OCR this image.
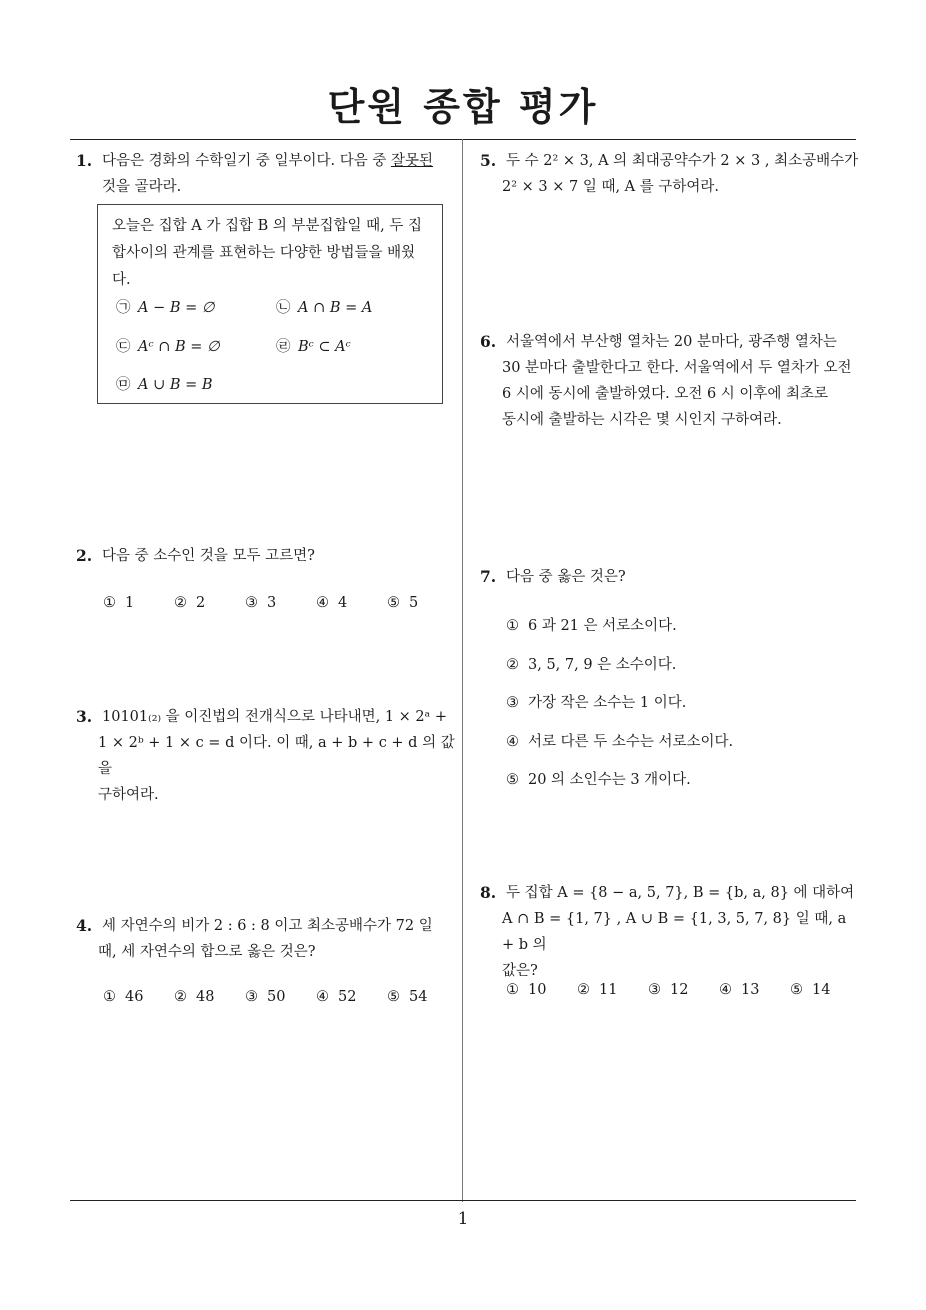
단원 종합 평가
1
1. 다음은 경화의 수학일기 중 일부이다. 다음 중 잘못된

것을 골라라.

오늘은 집합 A 가 집합 B 의 부분집합일 때, 두 집합사이의 관계를 표현하는 다양한 방법들을 배웠다.
㉠ A − B = ∅	㉡ A ∩ B = A
㉢ Aᶜ ∩ B = ∅	㉣ Bᶜ ⊂ Aᶜ
㉤ A ∪ B = B
2. 다음 중 소수인 것을 모두 고르면?

① 1	② 2	③ 3	④ 4	⑤ 5
3. 10101₍₂₎ 을 이진법의 전개식으로 나타내면, 1 × 2ᵃ +

1 × 2ᵇ + 1 × c = d 이다. 이 때, a + b + c + d 의 값을

구하여라.

4. 세 자연수의 비가 2 : 6 : 8 이고 최소공배수가 72 일

때, 세 자연수의 합으로 옳은 것은?

① 46	② 48	③ 50	④ 52	⑤ 54
5. 두 수 2² × 3, A 의 최대공약수가 2 × 3 , 최소공배수가

2² × 3 × 7 일 때, A 를 구하여라.

6. 서울역에서 부산행 열차는 20 분마다, 광주행 열차는

30 분마다 출발한다고 한다. 서울역에서 두 열차가 오전

6 시에 동시에 출발하였다. 오전 6 시 이후에 최초로

동시에 출발하는 시각은 몇 시인지 구하여라.

7. 다음 중 옳은 것은?

① 6 과 21 은 서로소이다.
② 3, 5, 7, 9 은 소수이다.
③ 가장 작은 소수는 1 이다.
④ 서로 다른 두 소수는 서로소이다.
⑤ 20 의 소인수는 3 개이다.
8. 두 집합 A = {8 − a, 5, 7}, B = {b, a, 8} 에 대하여

A ∩ B = {1, 7} , A ∪ B = {1, 3, 5, 7, 8} 일 때, a + b 의

값은?

① 10	② 11	③ 12	④ 13	⑤ 14
